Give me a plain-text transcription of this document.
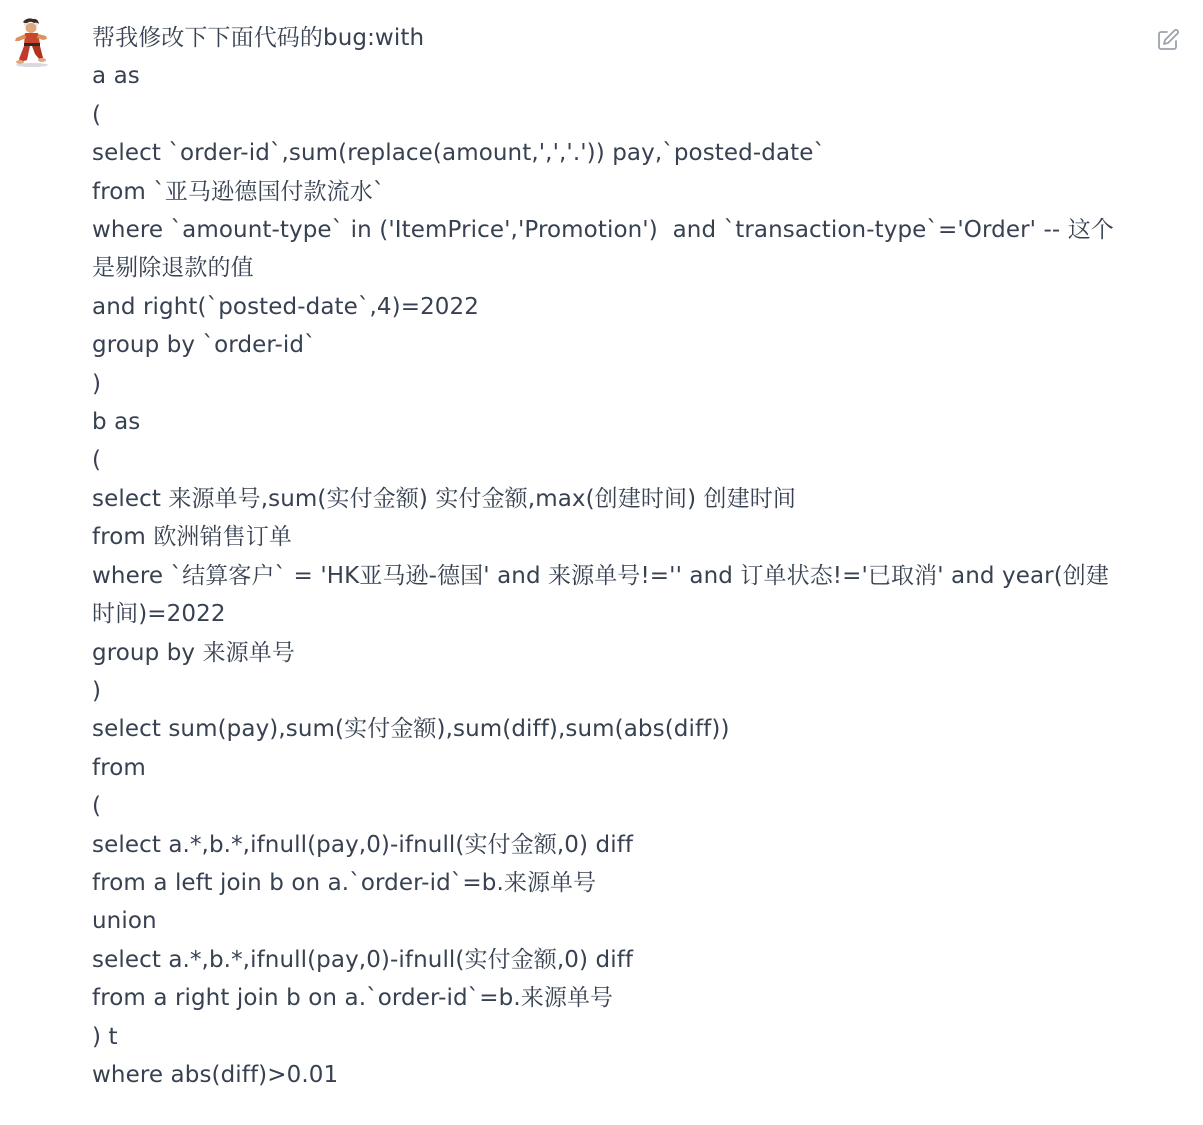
帮我修改下下面代码的bug:with
a as
(
select `order-id`,sum(replace(amount,',','.')) pay,`posted-date`
from `亚马逊德国付款流水`
where `amount-type` in ('ItemPrice','Promotion')  and `transaction-type`='Order' -- 这个是剔除退款的值
and right(`posted-date`,4)=2022
group by `order-id`
)
b as
(
select 来源单号,sum(实付金额) 实付金额,max(创建时间) 创建时间
from 欧洲销售订单
where `结算客户` = 'HK亚马逊-德国' and 来源单号!='' and 订单状态!='已取消' and year(创建时间)=2022
group by 来源单号
)
select sum(pay),sum(实付金额),sum(diff),sum(abs(diff))
from
(
select a.*,b.*,ifnull(pay,0)-ifnull(实付金额,0) diff
from a left join b on a.`order-id`=b.来源单号
union
select a.*,b.*,ifnull(pay,0)-ifnull(实付金额,0) diff
from a right join b on a.`order-id`=b.来源单号
) t
where abs(diff)>0.01
